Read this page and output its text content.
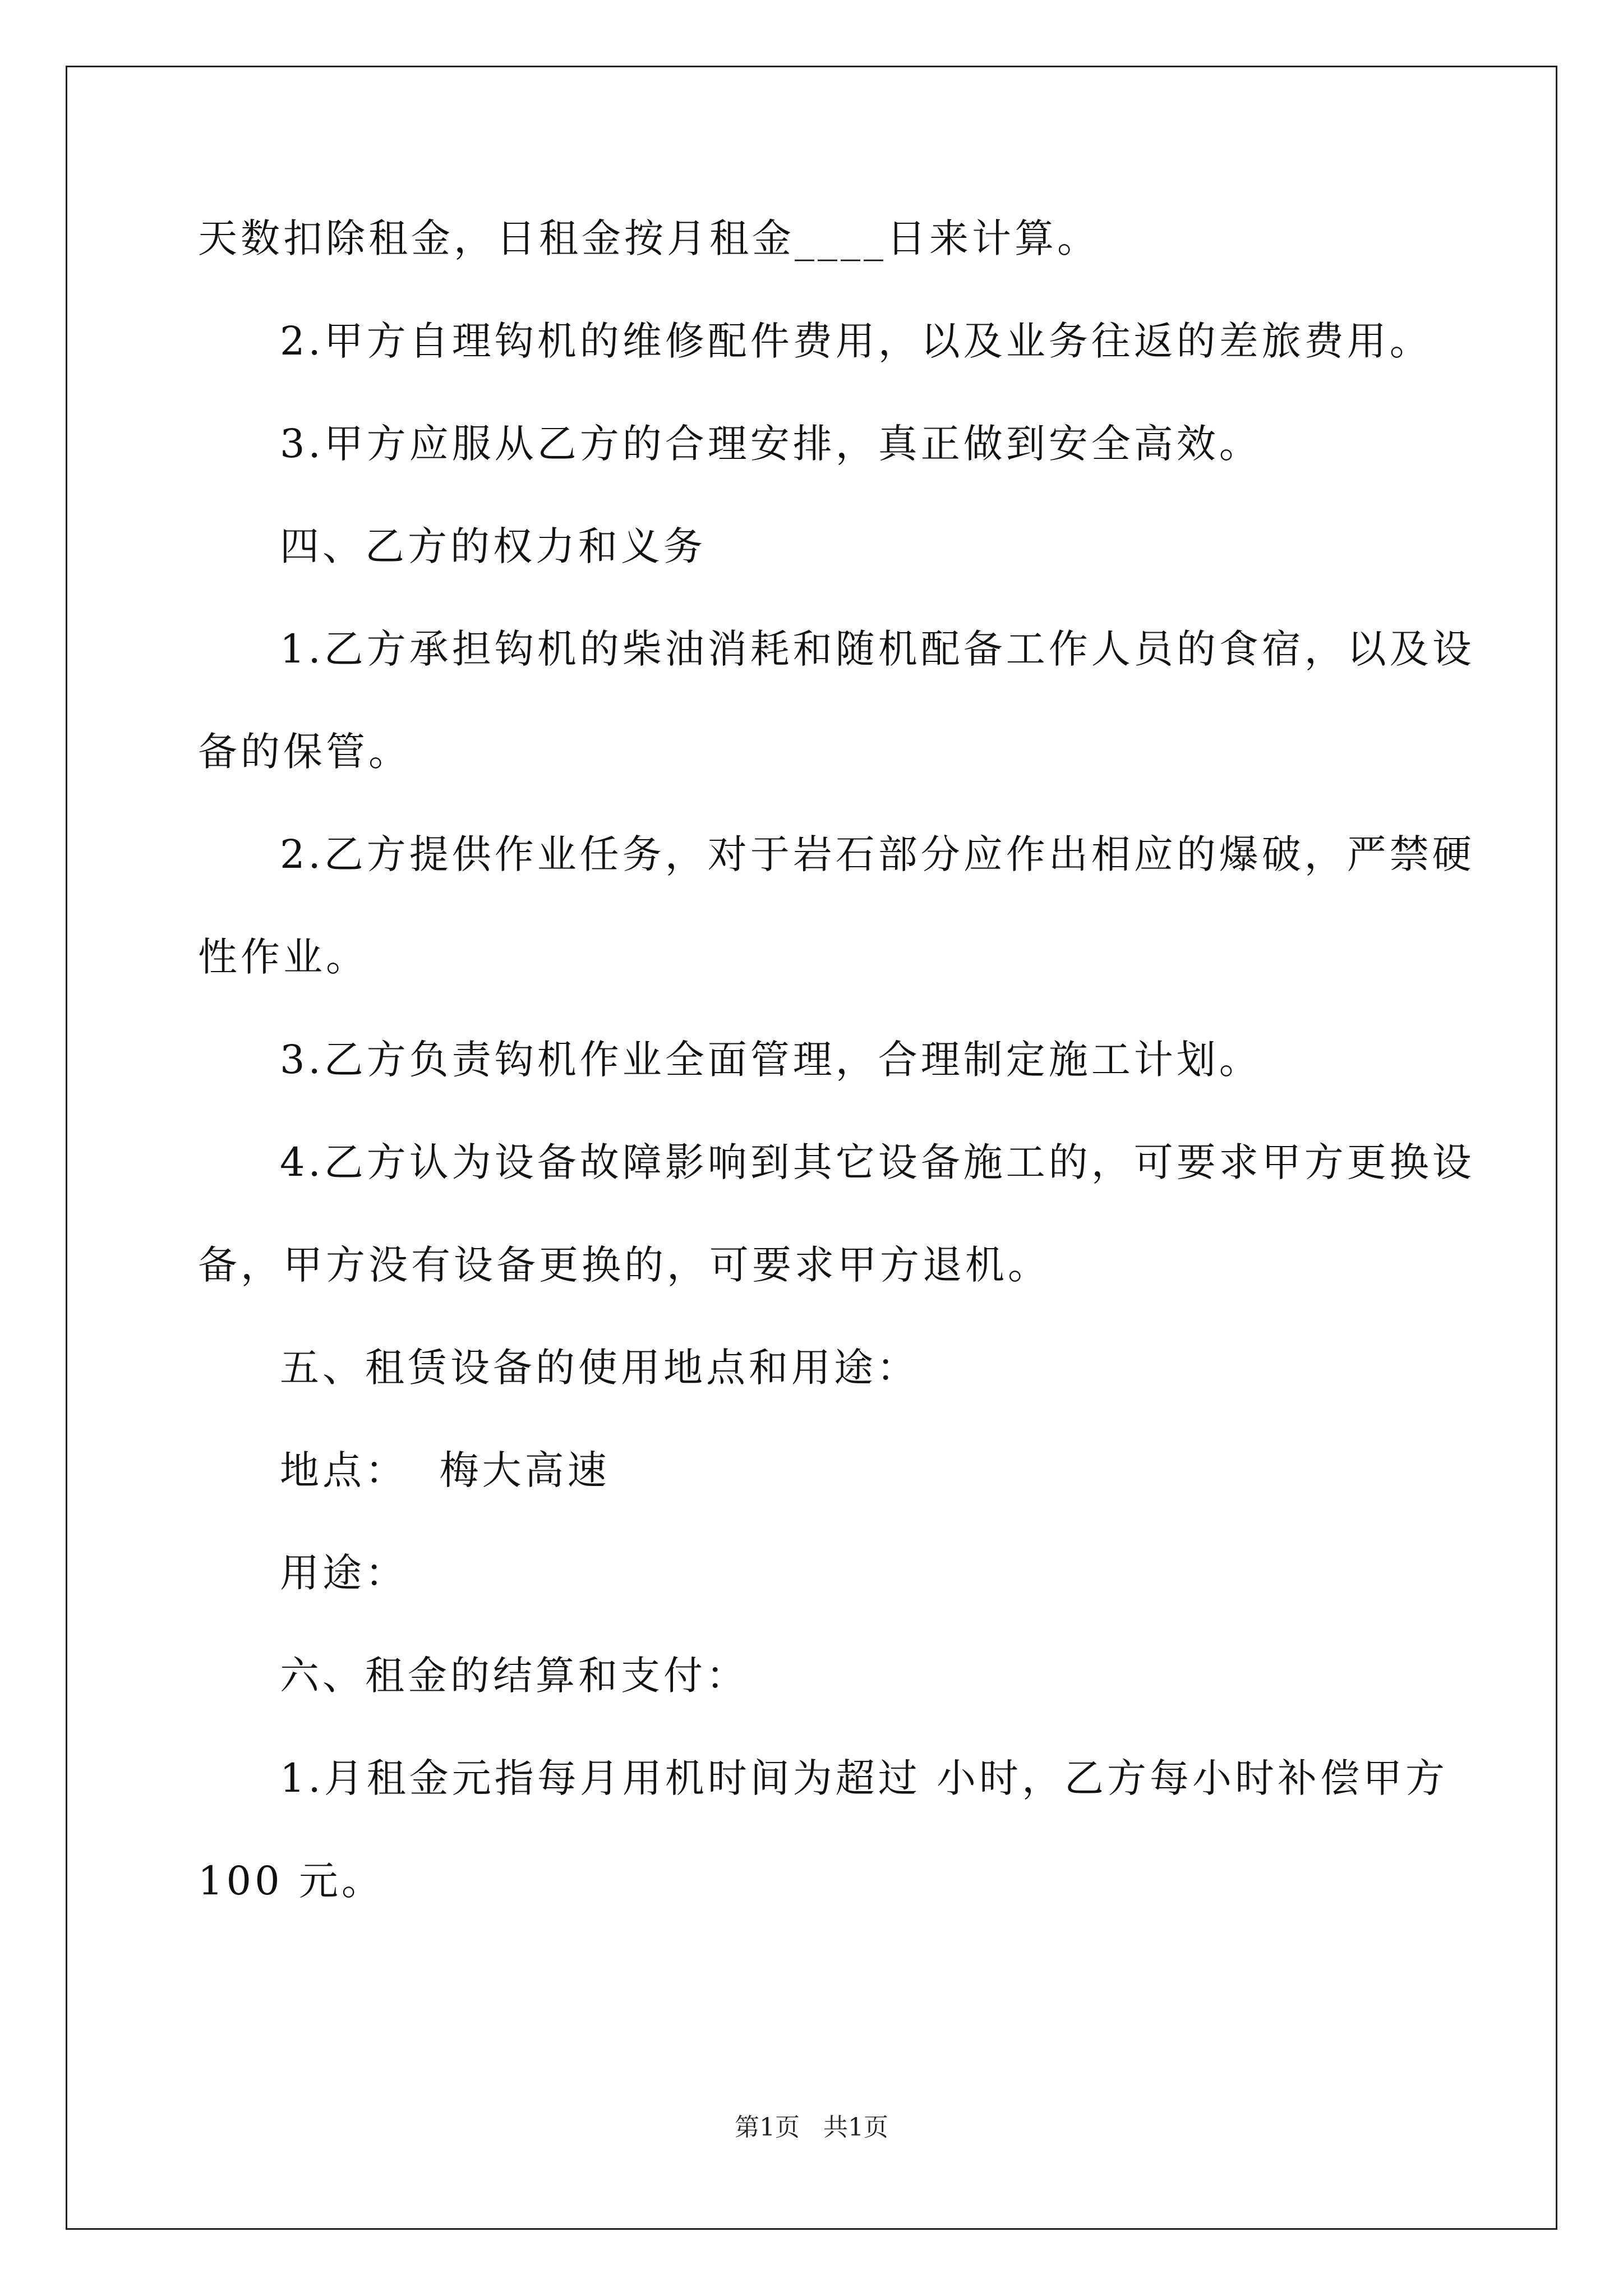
天数扣除租金，日租金按月租金____日来计算。
2.甲方自理钩机的维修配件费用，以及业务往返的差旅费用。
3.甲方应服从乙方的合理安排，真正做到安全高效。
四、乙方的权力和义务
1.乙方承担钩机的柴油消耗和随机配备工作人员的食宿，以及设
备的保管。
2.乙方提供作业任务，对于岩石部分应作出相应的爆破，严禁硬
性作业。
3.乙方负责钩机作业全面管理，合理制定施工计划。
4.乙方认为设备故障影响到其它设备施工的，可要求甲方更换设
备，甲方没有设备更换的，可要求甲方退机。
五、租赁设备的使用地点和用途：
地点：  梅大高速
用途：
六、租金的结算和支付：
1.月租金元指每月用机时间为超过 小时，乙方每小时补偿甲方
100 元。
第1页   共1页
